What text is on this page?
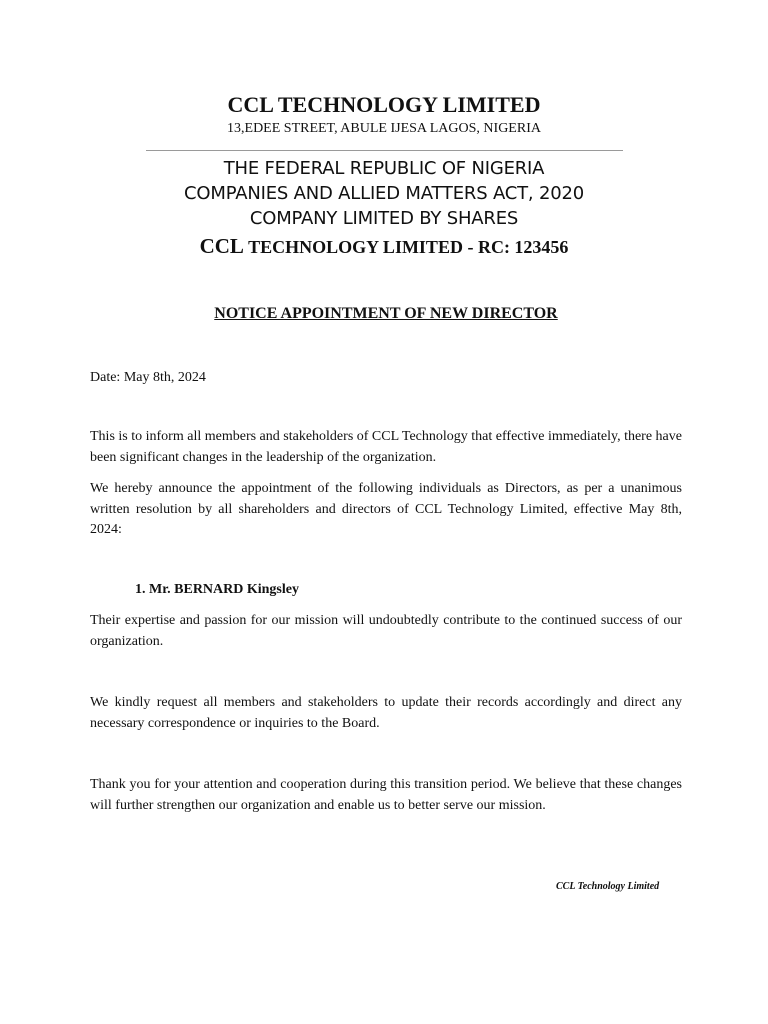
CCL TECHNOLOGY LIMITED
13,EDEE STREET, ABULE IJESA LAGOS, NIGERIA
THE FEDERAL REPUBLIC OF NIGERIA
COMPANIES AND ALLIED MATTERS ACT, 2020
COMPANY LIMITED BY SHARES
CCL TECHNOLOGY LIMITED - RC: 123456
NOTICE APPOINTMENT OF NEW DIRECTOR
Date: May 8th, 2024
This is to inform all members and stakeholders of CCL Technology that effective immediately, there have been significant changes in the leadership of the organization.
We hereby announce the appointment of the following individuals as Directors, as per a unanimous written resolution by all shareholders and directors of CCL Technology Limited, effective May 8th, 2024:
1. Mr. BERNARD Kingsley
Their expertise and passion for our mission will undoubtedly contribute to the continued success of our organization.
We kindly request all members and stakeholders to update their records accordingly and direct any necessary correspondence or inquiries to the Board.
Thank you for your attention and cooperation during this transition period. We believe that these changes will further strengthen our organization and enable us to better serve our mission.
CCL Technology Limited
